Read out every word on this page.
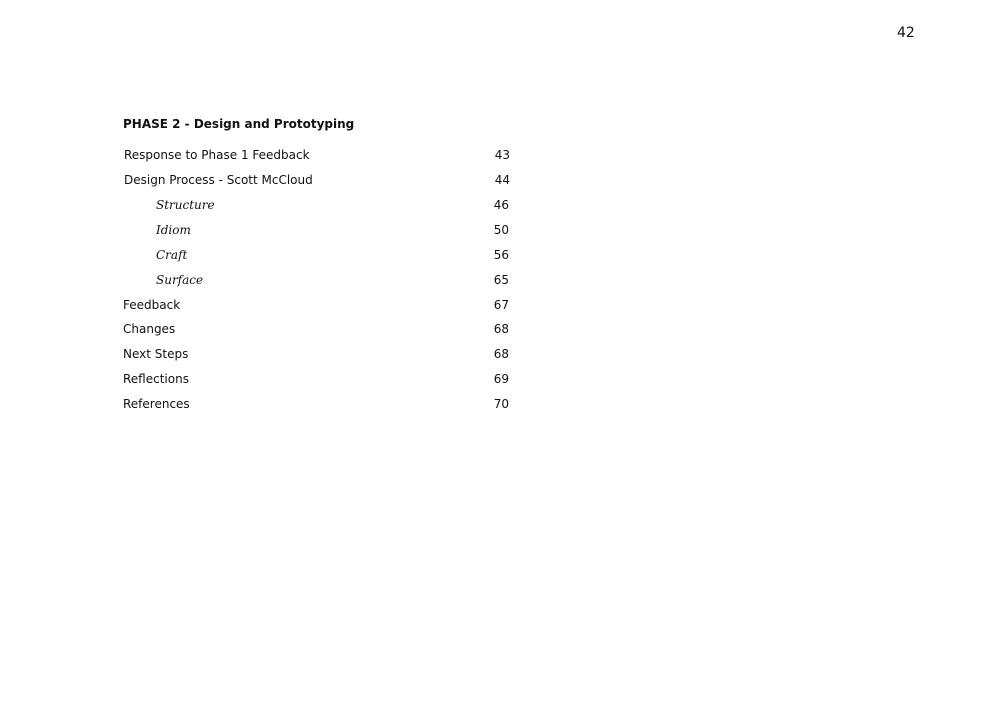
42
PHASE 2 - Design and Prototyping
Response to Phase 1 Feedback	43
Design Process - Scott McCloud	44
Structure	46
Idiom	50
Craft	56
Surface	65
Feedback	67
Changes	68
Next Steps	68
Reflections	69
References	70
